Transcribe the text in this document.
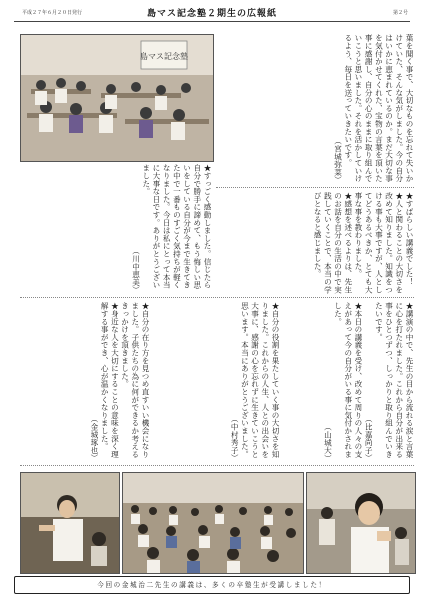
平成２７年６月２０日発行	島マス記念塾２期生の広報紙	第２号
島マス記念塾	葉を聞く事で、大切なものを忘れて失いかけていた、そんな気がしました。今の自分はいかに恵まれているのか。まだ大切な事を気付かせてくれた、宝物の言葉を頂いた事に感謝し、自分の心のままに取り組んでいこうと思いました。それを活かしていけるよう、毎日を送っていきたいです。

（宮城弥菜）

★すばらしい講義でした！

★人と関わることの大切さを改めて知りました。知識をつける事も大事ですが、人としてどうあるべきか、とても大事な事を教わりました。

★感想を述べるよりは、先生のお話を自分の生活の中で実践していくことで、本当の学びとなると感じました。

★すっごく感動しました。信じたら自分で勝手に諦めて、もう悔しい思いをしている自分が今まで生きてきた中で一番ものすごく気持ちが軽くなりました。今日は私にとって本当に大事な日です。ありがとうございました。

（川中恵美）

★自分の在り方を見つめ直すいい機会になりました。子供たちの為に何ができるか考えるきっかけを頂きました。

★身近な人を大切にすることの意味を深く理解する事ができ、心が温かくなりました。

（金城琢也）	★自分の役割を果たしていく事の大切さを知りました。これからの人生、人との出会いを大事に、感謝の心を忘れずに生きていこうと思います。本当にありがとうございました。

（中村秀子）	★講演の中で、先生の目から流れる涙と言葉に心を打たれました。これから自分が出来る事をひとつずつ、しっかりと取り組んでいきたいです。

（比嘉尚子）

★本日の講義を受け、改めて周りの人々の支えがあって今の自分がいる事に気付かされました。

（山城大）

今回の金城治二先生の講義は、多くの卒塾生が受講しました！
